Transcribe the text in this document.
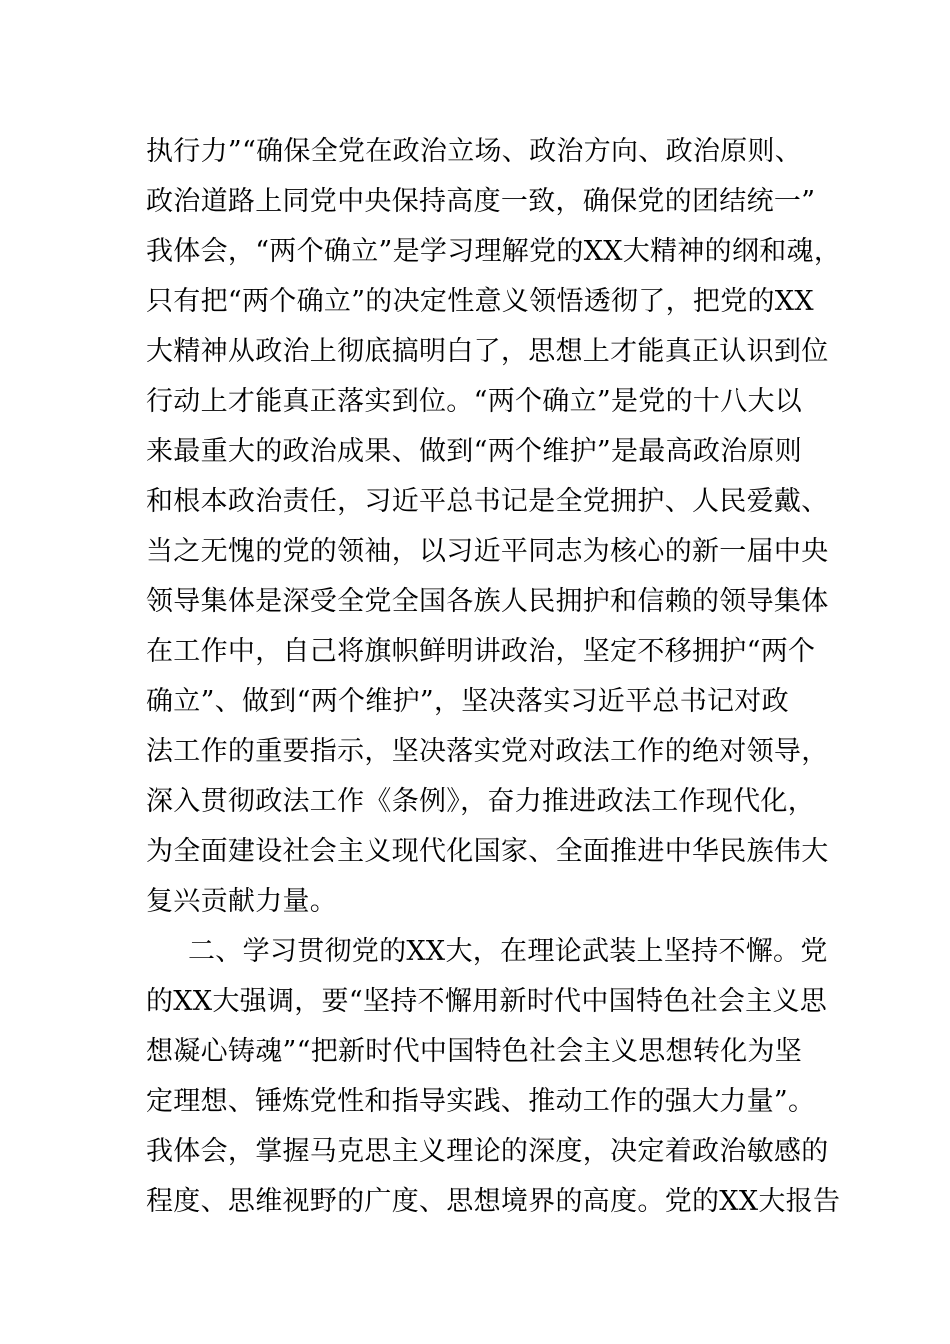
执行力”“确保全党在政治立场、政治方向、政治原则、
政治道路上同党中央保持高度一致，确保党的团结统一”
我体会，“两个确立”是学习理解党的XX大精神的纲和魂，
只有把“两个确立”的决定性意义领悟透彻了，把党的XX
大精神从政治上彻底搞明白了，思想上才能真正认识到位
行动上才能真正落实到位。“两个确立”是党的十八大以
来最重大的政治成果、做到“两个维护”是最高政治原则
和根本政治责任，习近平总书记是全党拥护、人民爱戴、
当之无愧的党的领袖，以习近平同志为核心的新一届中央
领导集体是深受全党全国各族人民拥护和信赖的领导集体
在工作中，自己将旗帜鲜明讲政治，坚定不移拥护“两个
确立”、做到“两个维护”，坚决落实习近平总书记对政
法工作的重要指示，坚决落实党对政法工作的绝对领导，
深入贯彻政法工作《条例》，奋力推进政法工作现代化，
为全面建设社会主义现代化国家、全面推进中华民族伟大
复兴贡献力量。
二、学习贯彻党的XX大，在理论武装上坚持不懈。党
的XX大强调，要“坚持不懈用新时代中国特色社会主义思
想凝心铸魂”“把新时代中国特色社会主义思想转化为坚
定理想、锤炼党性和指导实践、推动工作的强大力量”。
我体会，掌握马克思主义理论的深度，决定着政治敏感的
程度、思维视野的广度、思想境界的高度。党的XX大报告
